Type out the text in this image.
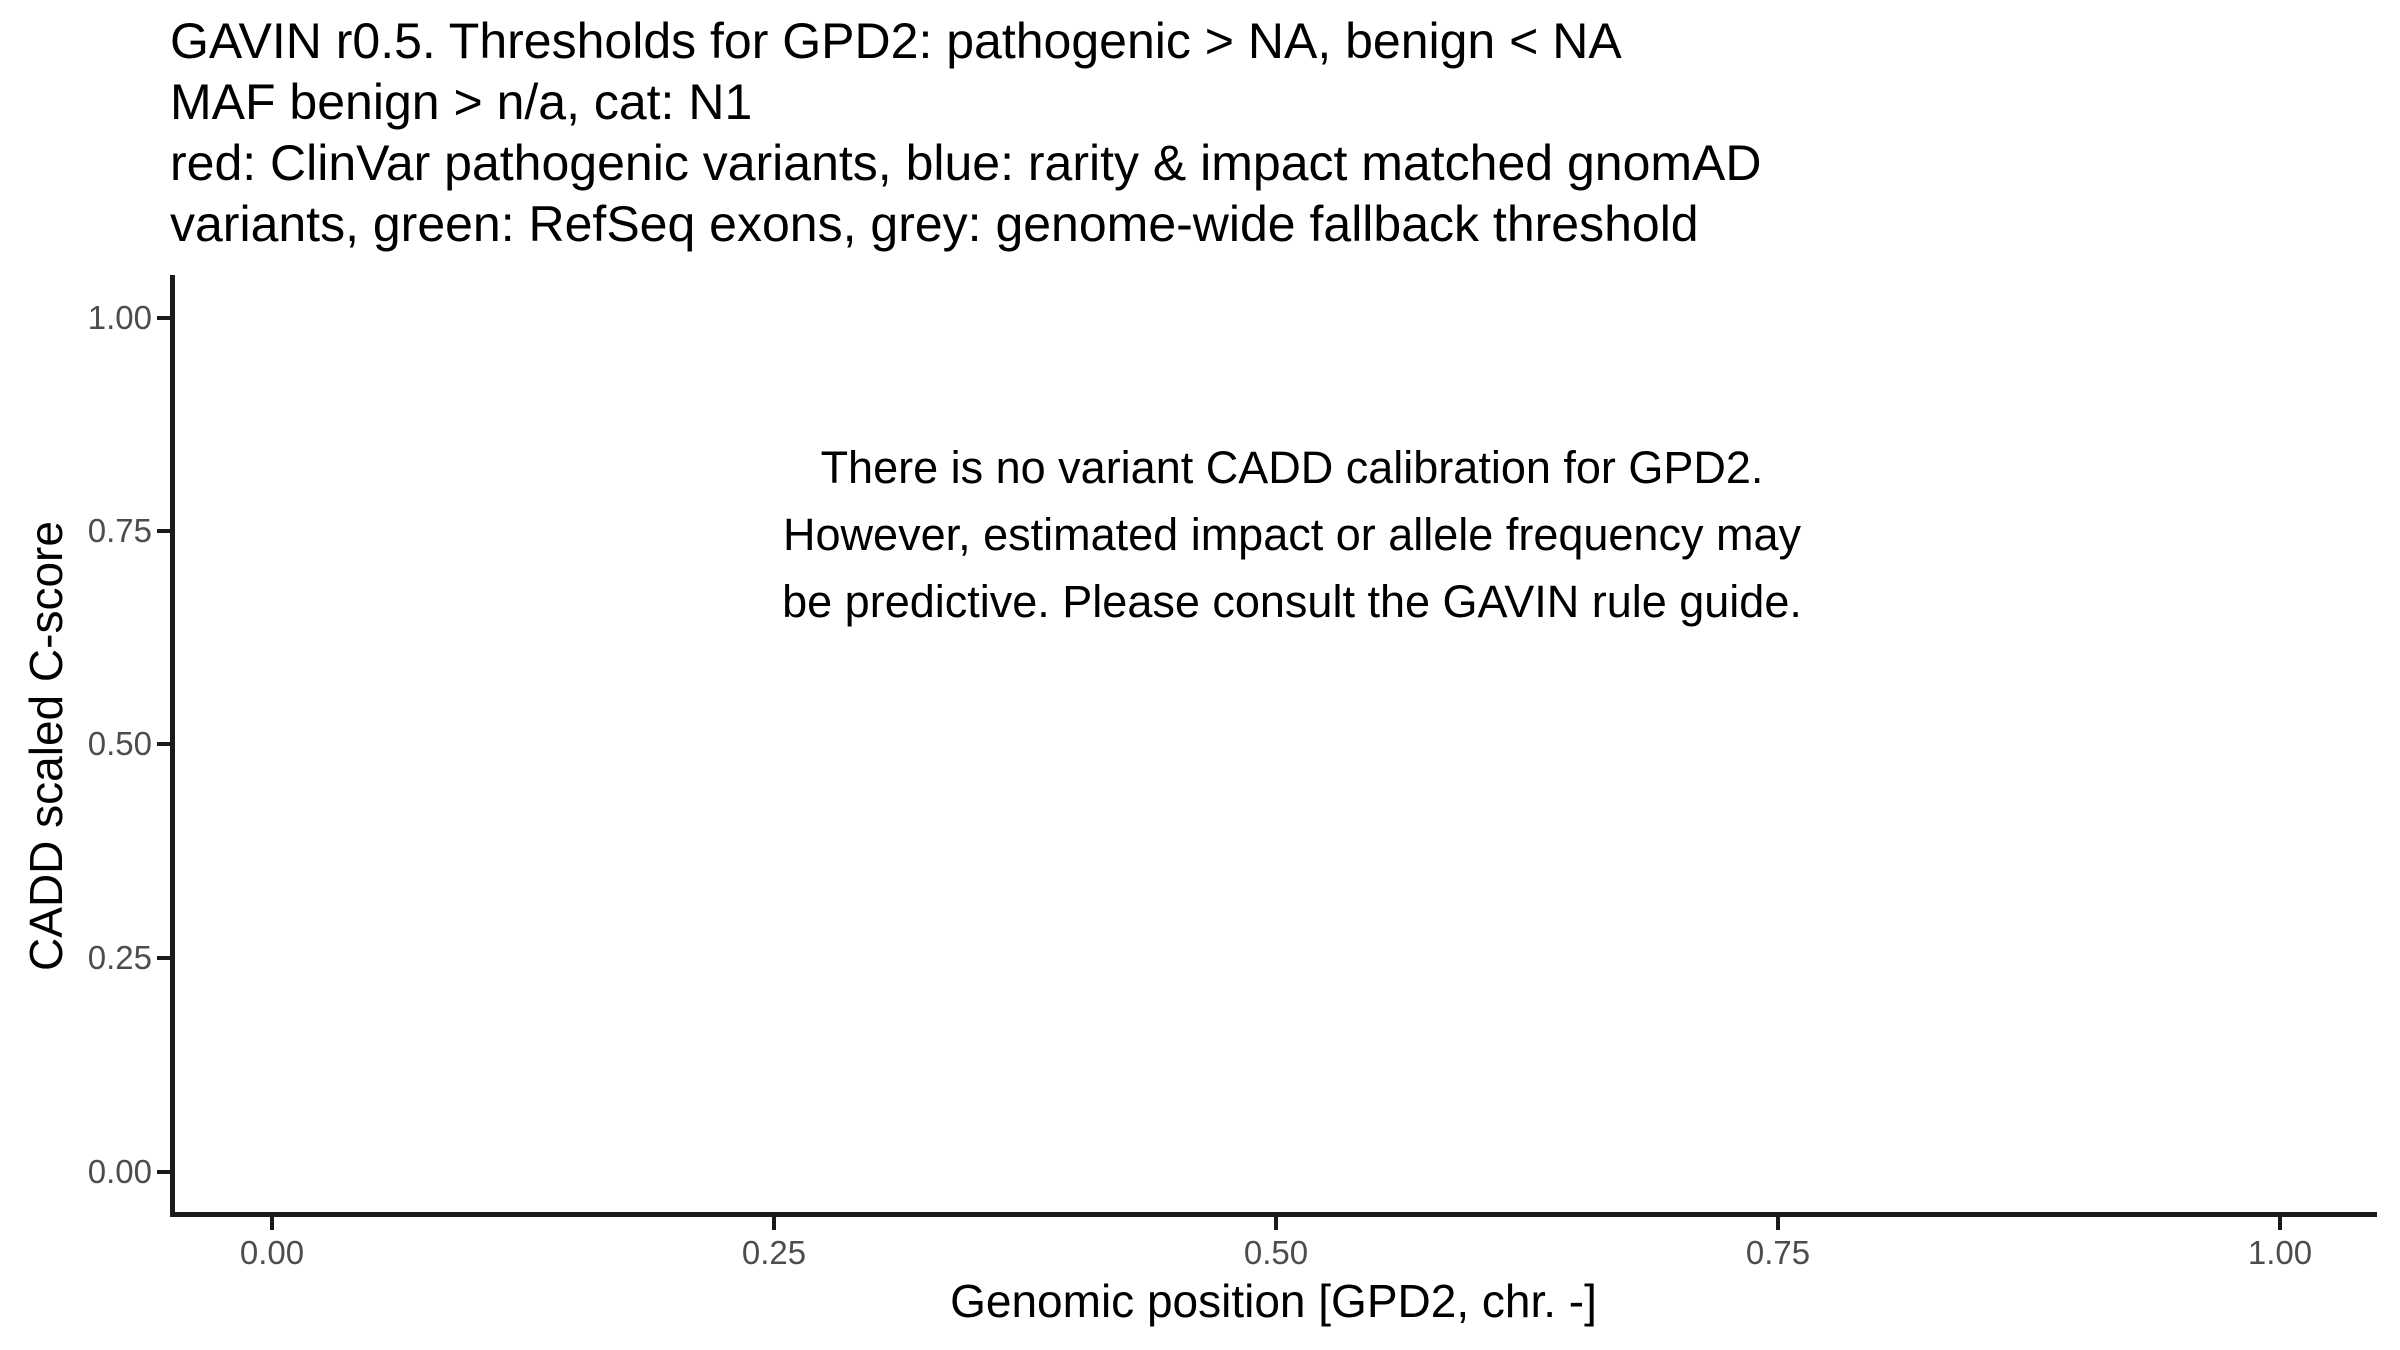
GAVIN r0.5. Thresholds for GPD2: pathogenic > NA, benign < NA
MAF benign > n/a, cat: N1
red: ClinVar pathogenic variants, blue: rarity & impact matched gnomAD
variants, green: RefSeq exons, grey: genome-wide fallback threshold
There is no variant CADD calibration for GPD2.
However, estimated impact or allele frequency may
be predictive. Please consult the GAVIN rule guide.
1.00
0.75
0.50
0.25
0.00
0.00	0.25	0.50	0.75	1.00
Genomic position [GPD2, chr. -]
CADD scaled C-score
